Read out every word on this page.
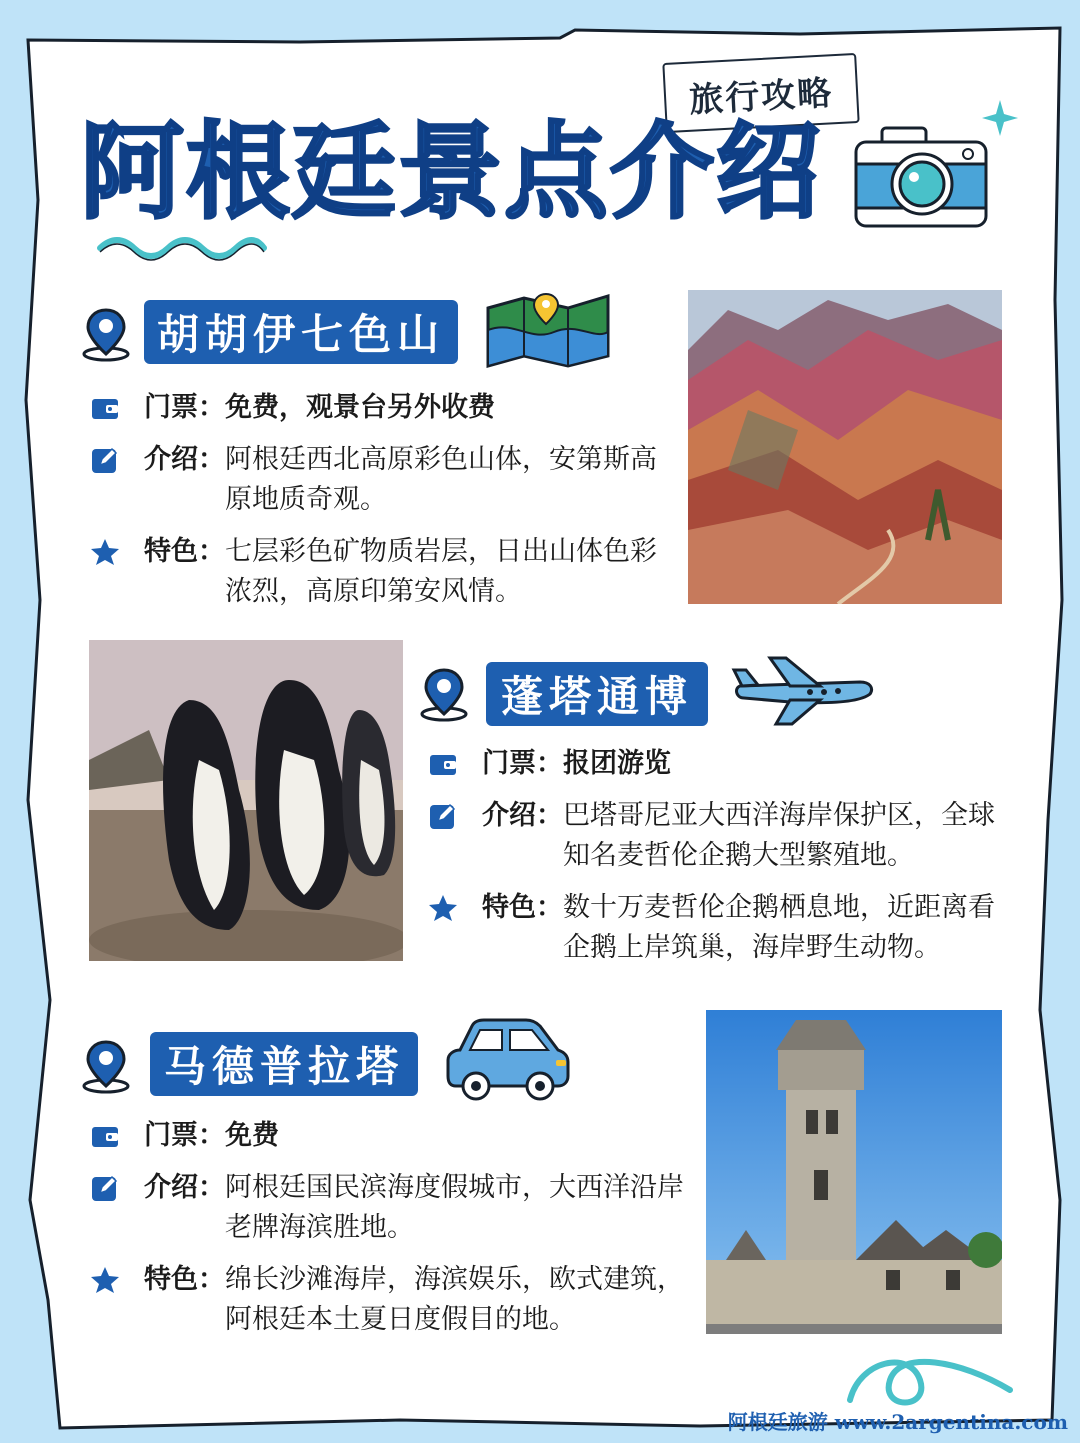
旅行攻略
阿根廷景点介绍
胡胡伊七色山
门票： 免费，观景台另外收费
介绍： 阿根廷西北高原彩色山体，安第斯高原地质奇观。
特色： 七层彩色矿物质岩层，日出山体色彩浓烈，高原印第安风情。
蓬塔通博
门票： 报团游览
介绍： 巴塔哥尼亚大西洋海岸保护区，全球知名麦哲伦企鹅大型繁殖地。
特色： 数十万麦哲伦企鹅栖息地，近距离看企鹅上岸筑巢，海岸野生动物。
马德普拉塔
门票： 免费
介绍： 阿根廷国民滨海度假城市，大西洋沿岸老牌海滨胜地。
特色： 绵长沙滩海岸，海滨娱乐，欧式建筑，阿根廷本土夏日度假目的地。
阿根廷旅游 www.2argentina.com
